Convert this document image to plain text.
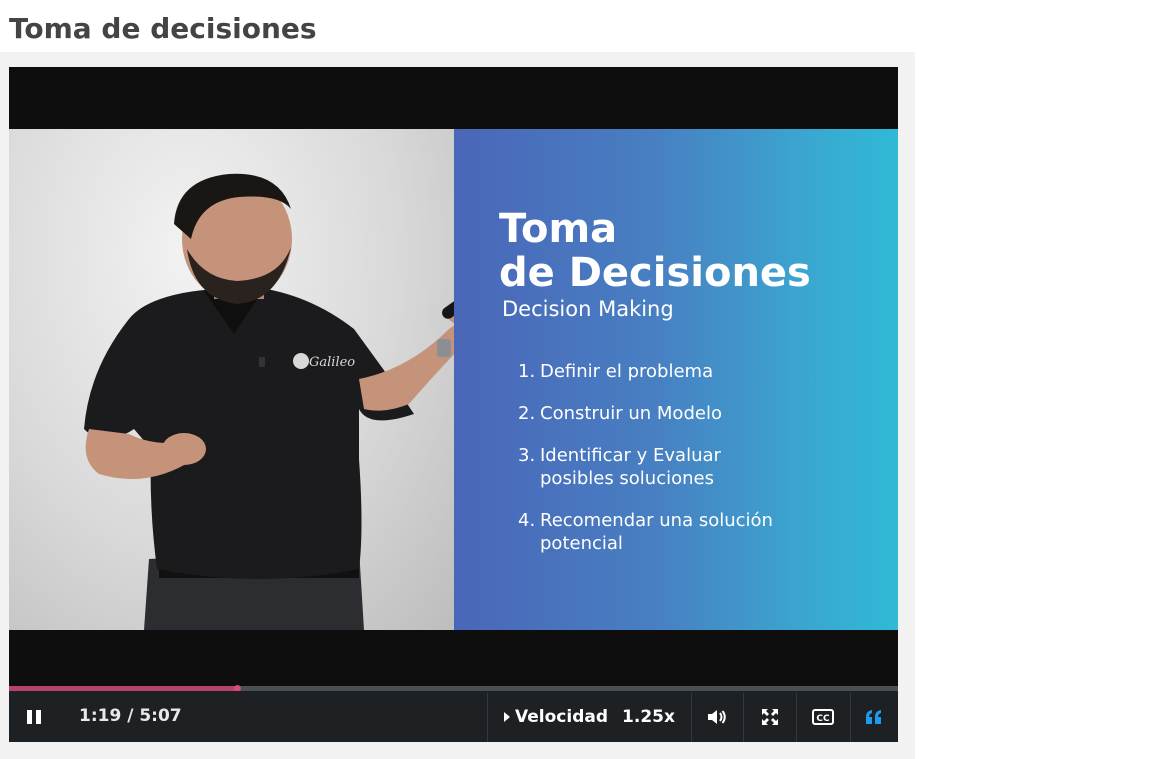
Toma de decisiones
Galileo
Toma
de Decisiones
Decision Making
1. Definir el problema
2. Construir un Modelo
3. Identificar y Evaluar
posibles soluciones
4. Recomendar una solución
potencial
1:19 / 5:07	Velocidad 1.25x	CC
